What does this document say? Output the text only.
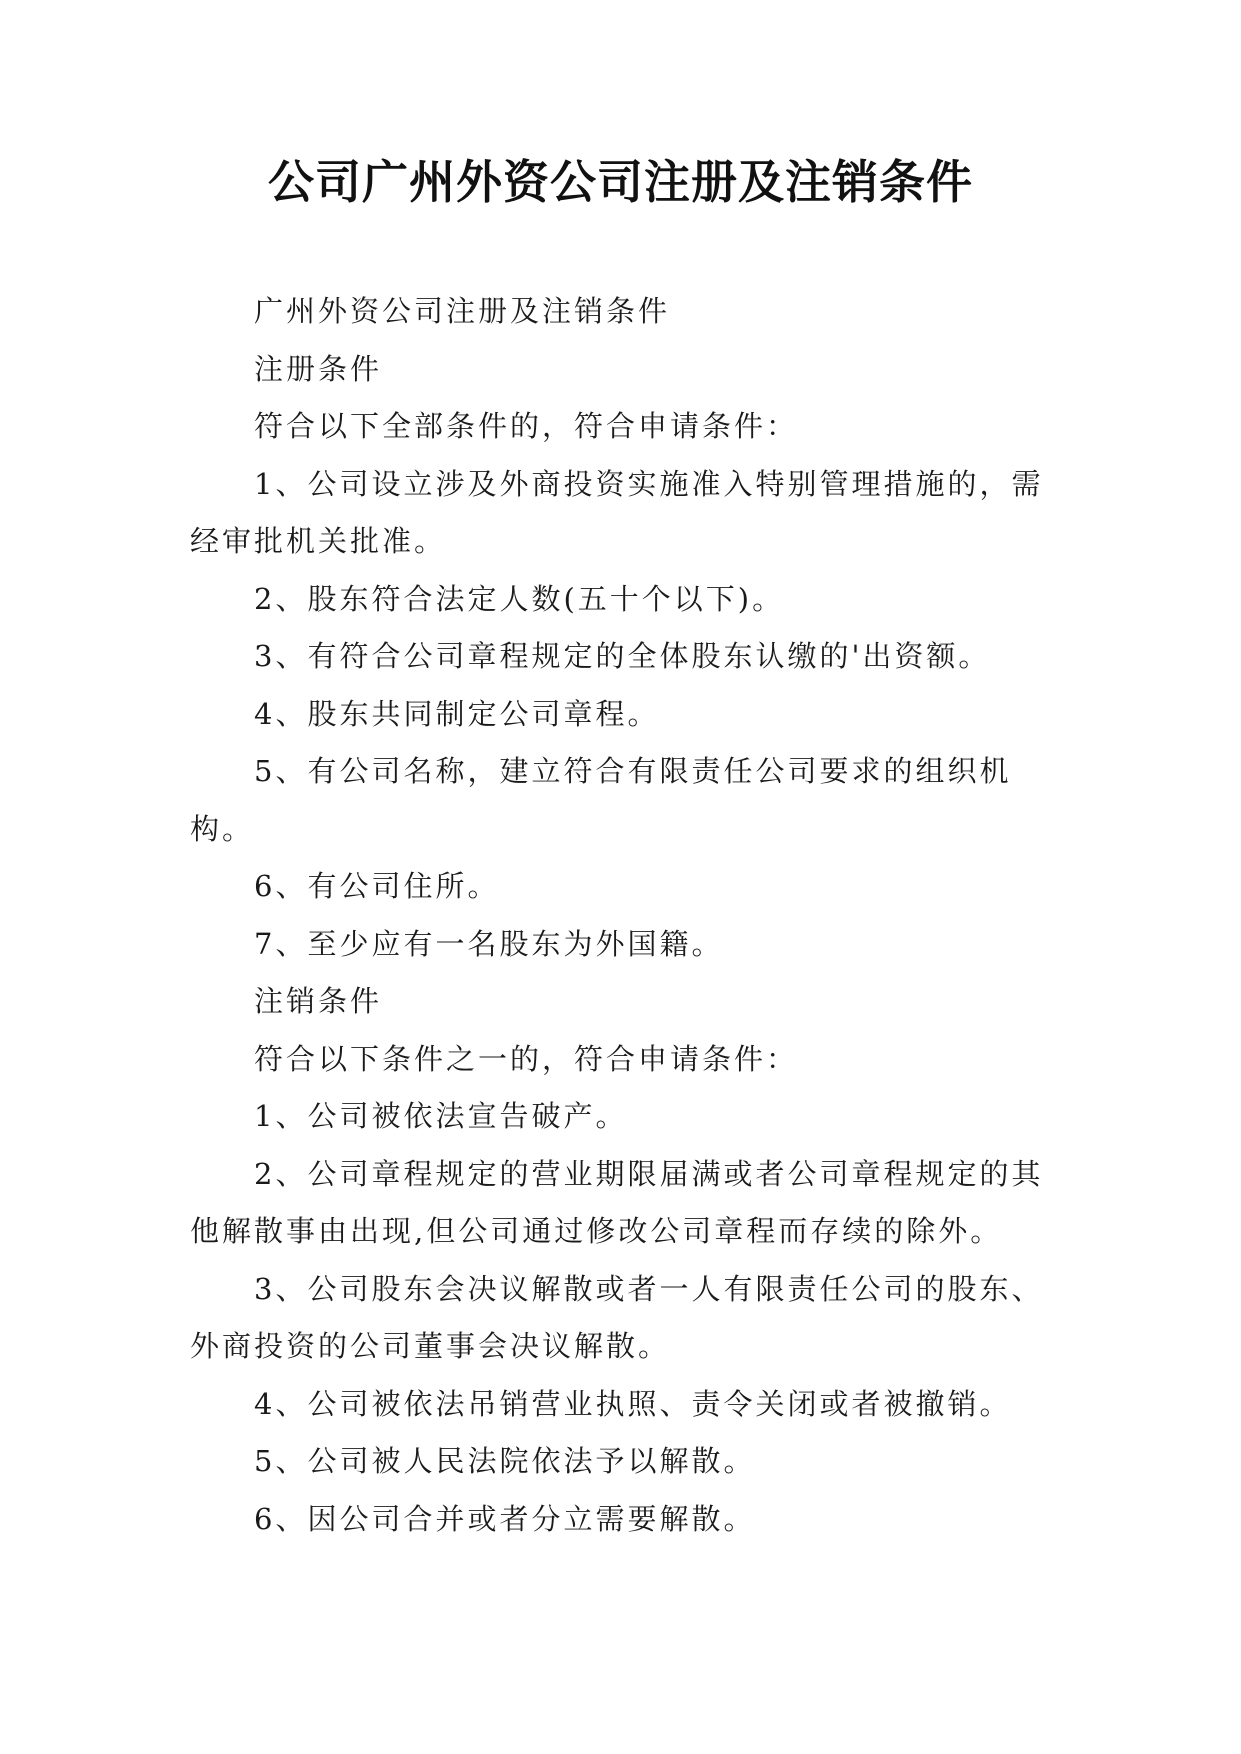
公司广州外资公司注册及注销条件

广州外资公司注册及注销条件

注册条件

符合以下全部条件的，符合申请条件：

1、公司设立涉及外商投资实施准入特别管理措施的，需经审批机关批准。

2、股东符合法定人数(五十个以下)。

3、有符合公司章程规定的全体股东认缴的'出资额。

4、股东共同制定公司章程。

5、有公司名称，建立符合有限责任公司要求的组织机构。

6、有公司住所。

7、至少应有一名股东为外国籍。

注销条件

符合以下条件之一的，符合申请条件：

1、公司被依法宣告破产。

2、公司章程规定的营业期限届满或者公司章程规定的其他解散事由出现,但公司通过修改公司章程而存续的除外。

3、公司股东会决议解散或者一人有限责任公司的股东、外商投资的公司董事会决议解散。

4、公司被依法吊销营业执照、责令关闭或者被撤销。

5、公司被人民法院依法予以解散。

6、因公司合并或者分立需要解散。
